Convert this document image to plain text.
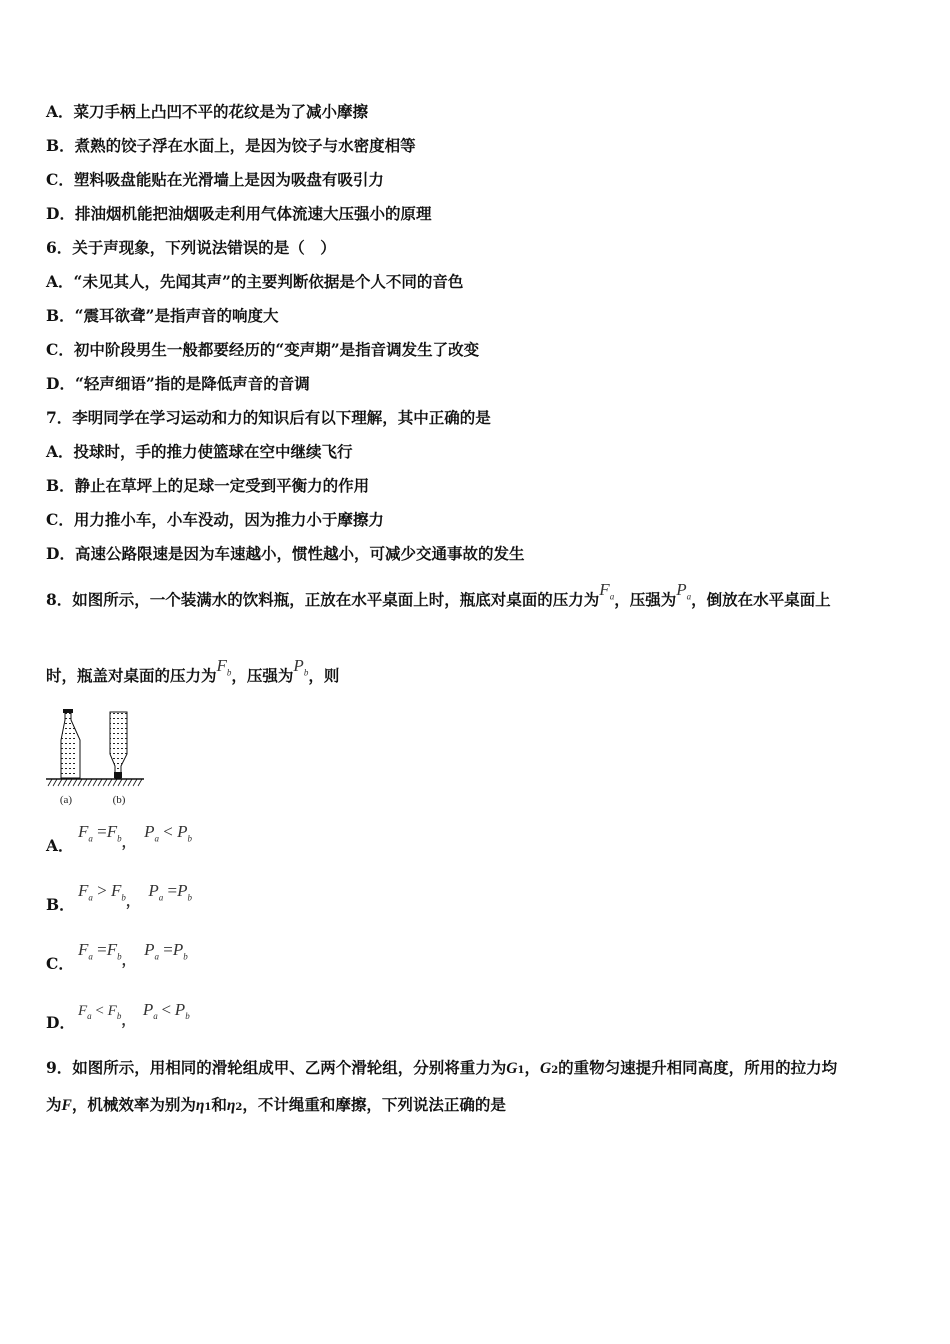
A．菜刀手柄上凸凹不平的花纹是为了减小摩擦
B．煮熟的饺子浮在水面上，是因为饺子与水密度相等
C．塑料吸盘能贴在光滑墙上是因为吸盘有吸引力
D．排油烟机能把油烟吸走利用气体流速大压强小的原理
6．关于声现象，下列说法错误的是（　）
A．“未见其人，先闻其声”的主要判断依据是个人不同的音色
B．“震耳欲聋”是指声音的响度大
C．初中阶段男生一般都要经历的“变声期”是指音调发生了改变
D．“轻声细语”指的是降低声音的音调
7．李明同学在学习运动和力的知识后有以下理解，其中正确的是
A．投球时，手的推力使篮球在空中继续飞行
B．静止在草坪上的足球一定受到平衡力的作用
C．用力推小车，小车没动，因为推力小于摩擦力
D．高速公路限速是因为车速越小，惯性越小，可减少交通事故的发生
8．如图所示，一个装满水的饮料瓶，正放在水平桌面上时，瓶底对桌面的压力为$F_a$，压强为$P_a$，倒放在水平桌面上
时，瓶盖对桌面的压力为$F_b$，压强为$P_b$，则
(a)	(b)
A．
$F_a =F_{b,}$  $P_a < P_b$
B．
$F_a > F_{b,}$  $P_a =P_b$
C．
$F_a =F_{b,}$  $P_a =P_b$
D．
$F_a < F_b$，  $P_a < P_b$
9．如图所示，用相同的滑轮组成甲、乙两个滑轮组，分别将重力为G1，G2的重物匀速提升相同高度，所用的拉力均
为F，机械效率为别为η1和η2，不计绳重和摩擦，下列说法正确的是
